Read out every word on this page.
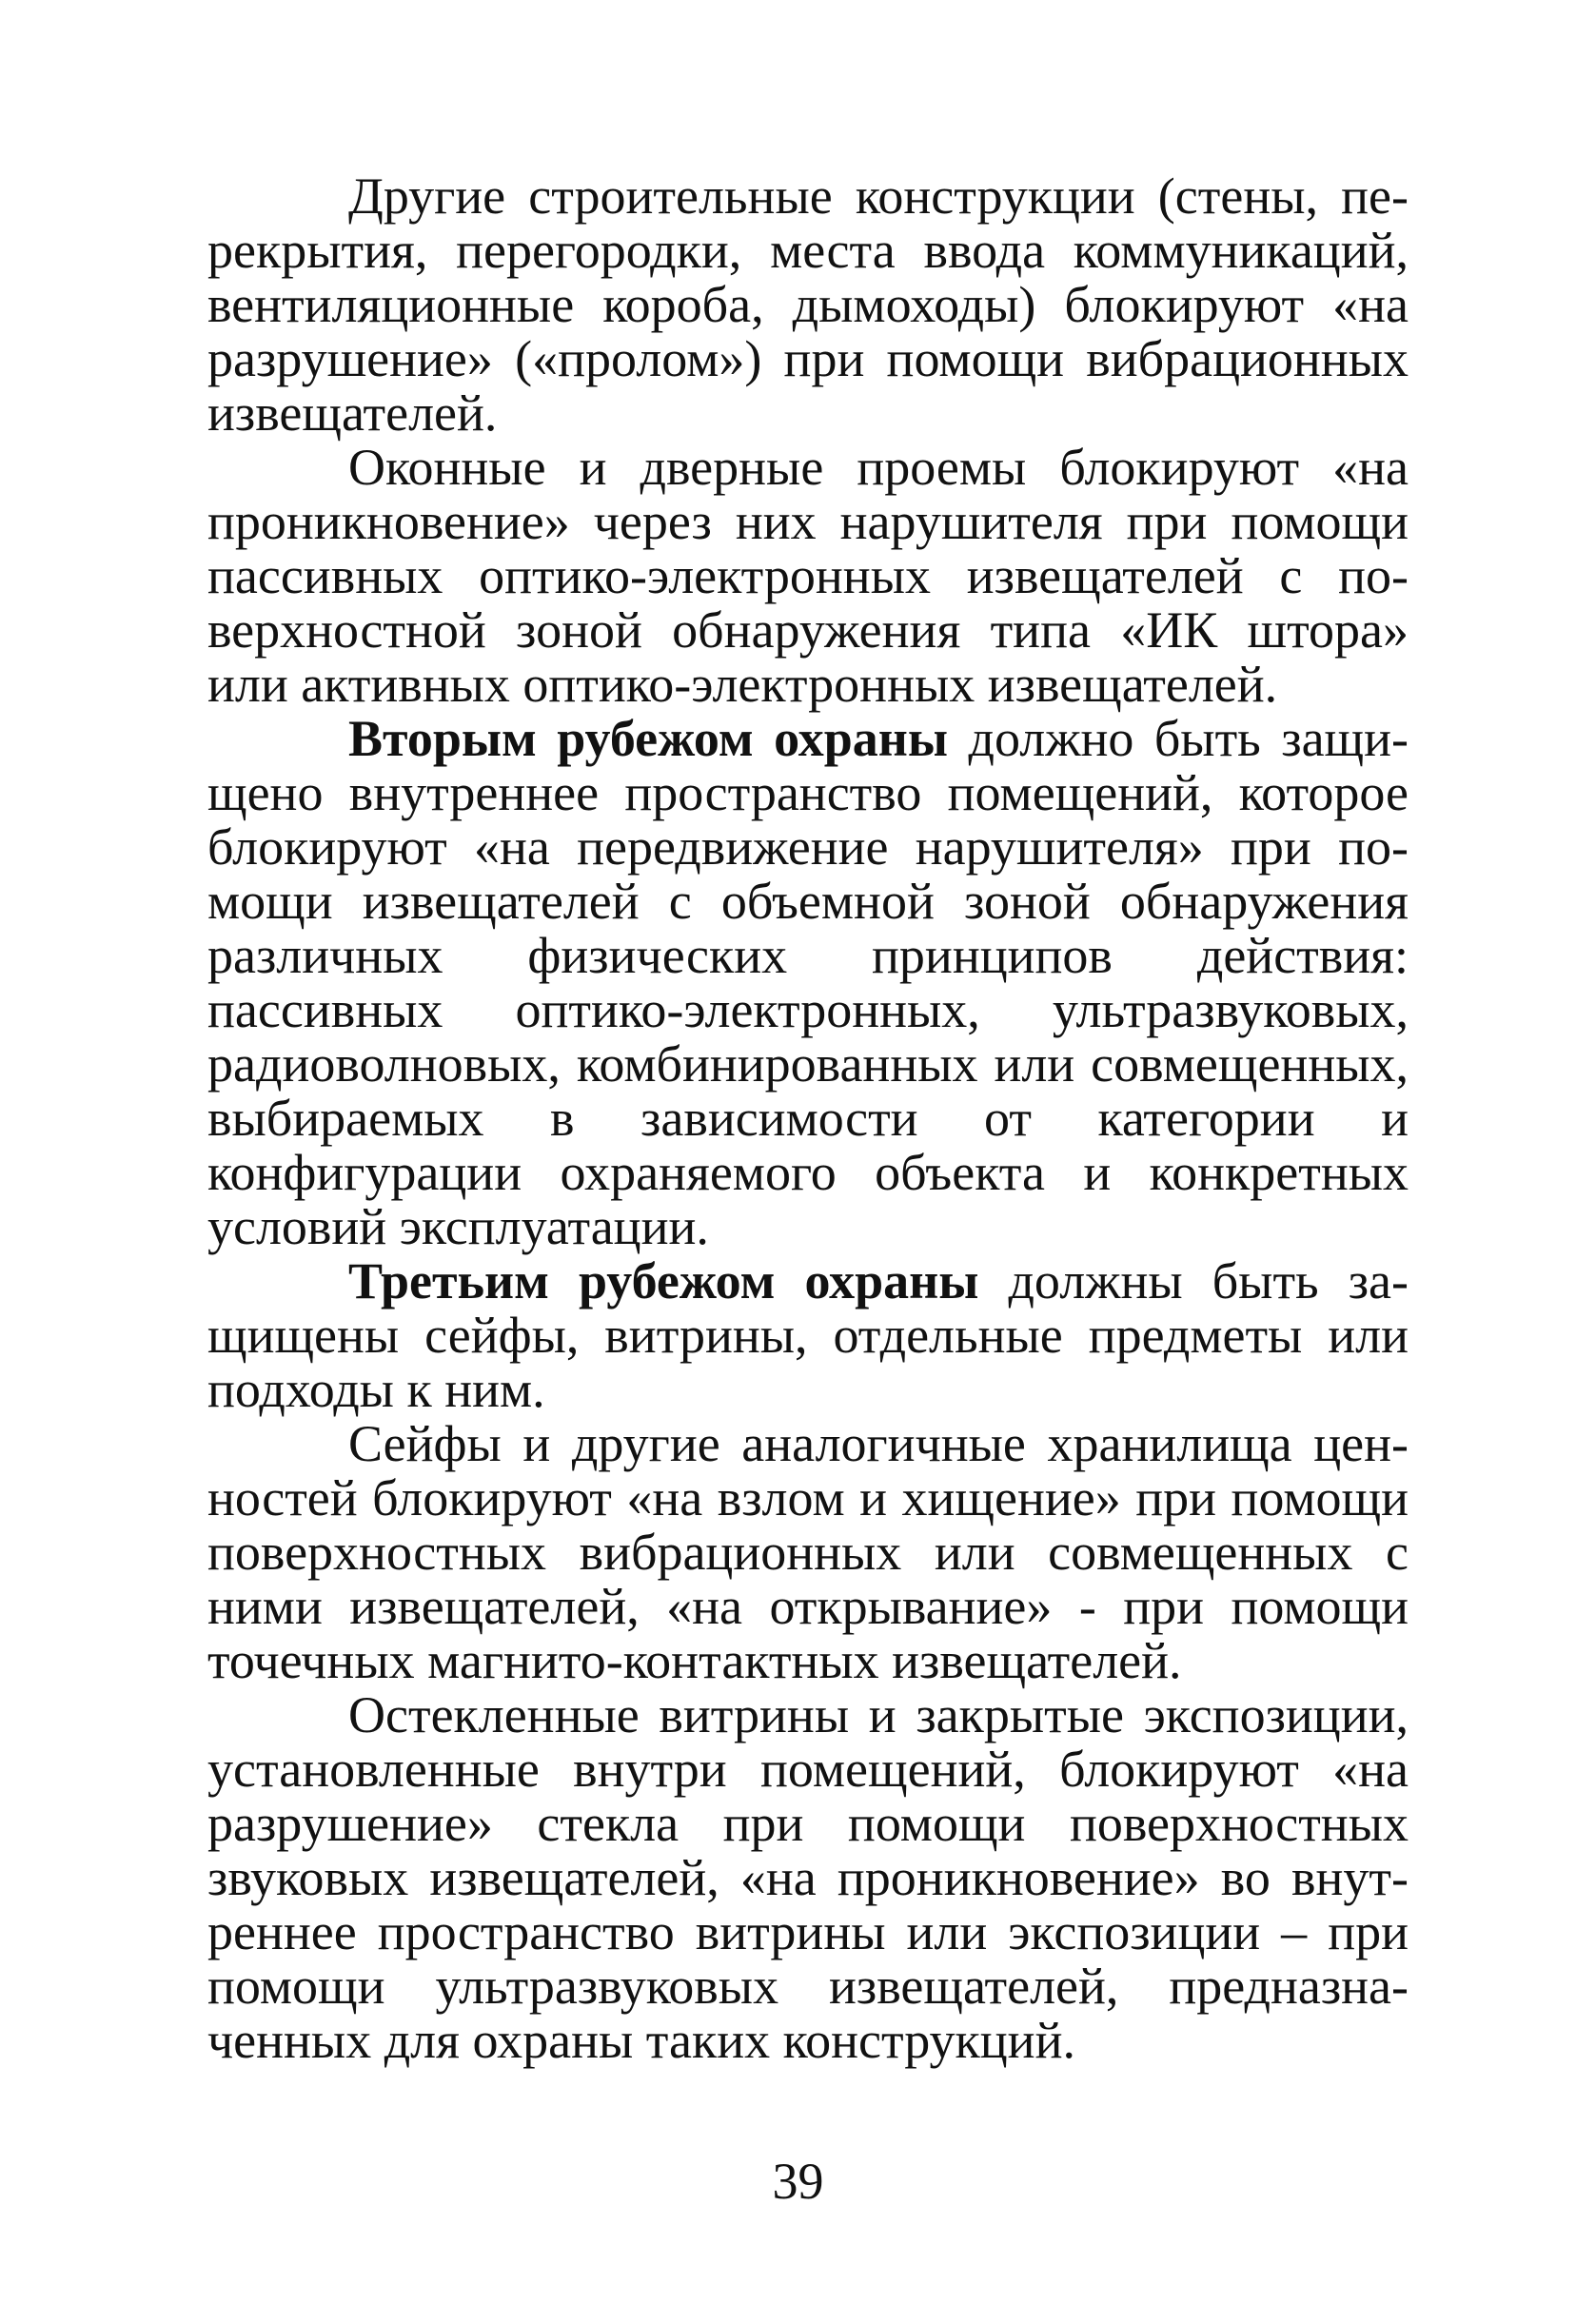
Другие строительные конструкции (стены, перекрытия, перегородки, места ввода коммуникаций, вентиляционные короба, дымоходы) блокируют «на разрушение» («пролом») при помощи вибрационных извещателей.

Оконные и дверные проемы блокируют «на проникновение» через них нарушителя при помощи пассивных оптико-электронных извещателей с поверхностной зоной обнаружения типа «ИК штора» или активных оптико-электронных извещателей.

Вторым рубежом охраны должно быть защищено внутреннее пространство помещений, которое блокируют «на передвижение нарушителя» при помощи извещателей с объемной зоной обнаружения различных физических принципов действия: пассивных оптико-электронных, ультразвуковых, радиоволновых, комбинированных или совмещенных, выбираемых в зависимости от категории и конфигурации охраняемого объекта и конкретных условий эксплуатации.

Третьим рубежом охраны должны быть защищены сейфы, витрины, отдельные предметы или подходы к ним.

Сейфы и другие аналогичные хранилища ценностей блокируют «на взлом и хищение» при помощи поверхностных вибрационных или совмещенных с ними извещателей, «на открывание» - при помощи точечных магнито-контактных извещателей.

Остекленные витрины и закрытые экспозиции, установленные внутри помещений, блокируют «на разрушение» стекла при помощи поверхностных звуковых извещателей, «на проникновение» во внутреннее пространство витрины или экспозиции – при помощи ультразвуковых извещателей, предназначенных для охраны таких конструкций.

39
